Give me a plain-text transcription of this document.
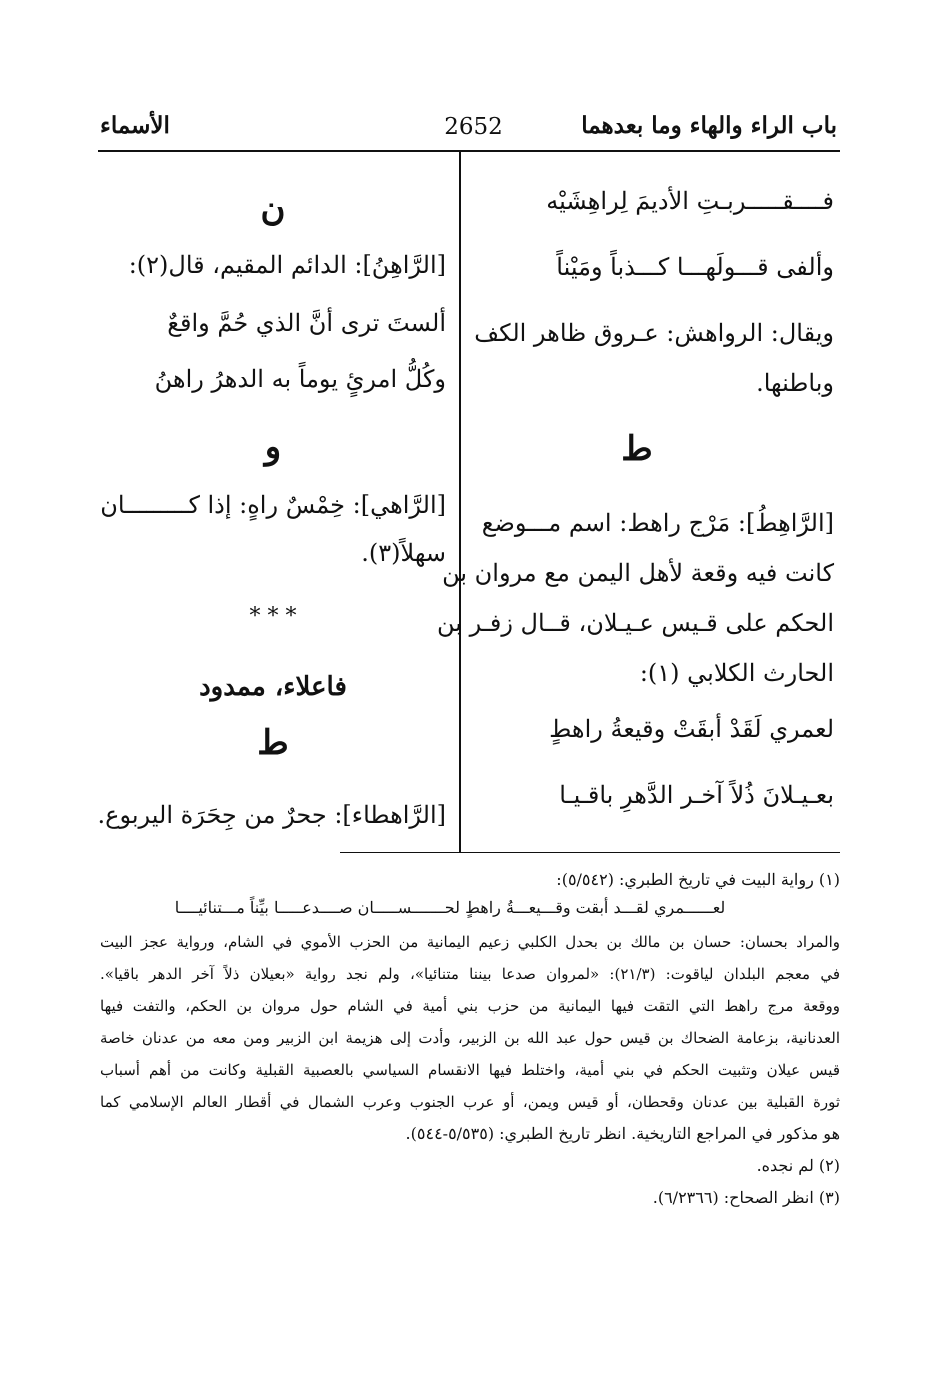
باب الراء والهاء وما بعدهما
2652
الأسماء
فــــقـــــربـتِ الأديمَ لِراهِشَيْه
وألفى قـــولَهـــا كـــذباً ومَيْناً
ويقال: الرواهش: عـروق ظاهر الكف
وباطنها.
ط
[الرَّاهِطُ]: مَرْج راهط: اسم مـــوضع
كانت فيه وقعة لأهل اليمن مع مروان بن
الحكم على قـيس عـيـلان، قــال زفـر بن
الحارث الكلابي (١):
لعمري لَقَدْ أبقَتْ وقيعةُ راهطٍ
بعـيـلانَ ذُلاً آخـر الدَّهرِ باقـيـا
ن
[الرَّاهِنُ]: الدائم المقيم، قال(٢):
ألستَ ترى أنَّ الذي حُمَّ واقعٌ
وكُلُّ امرئٍ يوماً به الدهرُ راهنُ
و
[الرَّاهي]: خِمْسٌ راهٍ: إذا كـــــــــان
سهلاً(٣).
* * *
فاعلاء، ممدود
ط
[الرَّاهطاء]: جحرٌ من جِحَرَة اليربوع.
(١) رواية البيت في تاريخ الطبري: (٥/٥٤٢):
لعــــــمري لقـــد أبقت وقـــيعـــةُ راهطٍ لحـــــــســـــان صــــدعـــــا بيِّناً مـــتنائيــــا
والمراد بحسان: حسان بن مالك بن بحدل الكلبي زعيم اليمانية من الحزب الأموي في الشام، ورواية عجز البيت
في معجم البلدان لياقوت: (٢١/٣): «لمروان صدعا بيننا متنائيا»، ولم نجد رواية «بعيلان ذلاً آخر الدهر باقيا».
ووقعة مرج راهط التي التقت فيها اليمانية من حزب بني أمية في الشام حول مروان بن الحكم، والتفت فيها
العدنانية، بزعامة الضحاك بن قيس حول عبد الله بن الزبير، وأدت إلى هزيمة ابن الزبير ومن معه من عدنان خاصة
قيس عيلان وتثبيت الحكم في بني أمية، واختلط فيها الانقسام السياسي بالعصبية القبلية وكانت من أهم أسباب
ثورة القبلية بين عدنان وقحطان، أو قيس ويمن، أو عرب الجنوب وعرب الشمال في أقطار العالم الإسلامي كما
هو مذكور في المراجع التاريخية. انظر تاريخ الطبري: (٥/٥٣٥-٥٤٤).
(٢) لم نجده.
(٣) انظر الصحاح: (٦/٢٣٦٦).
